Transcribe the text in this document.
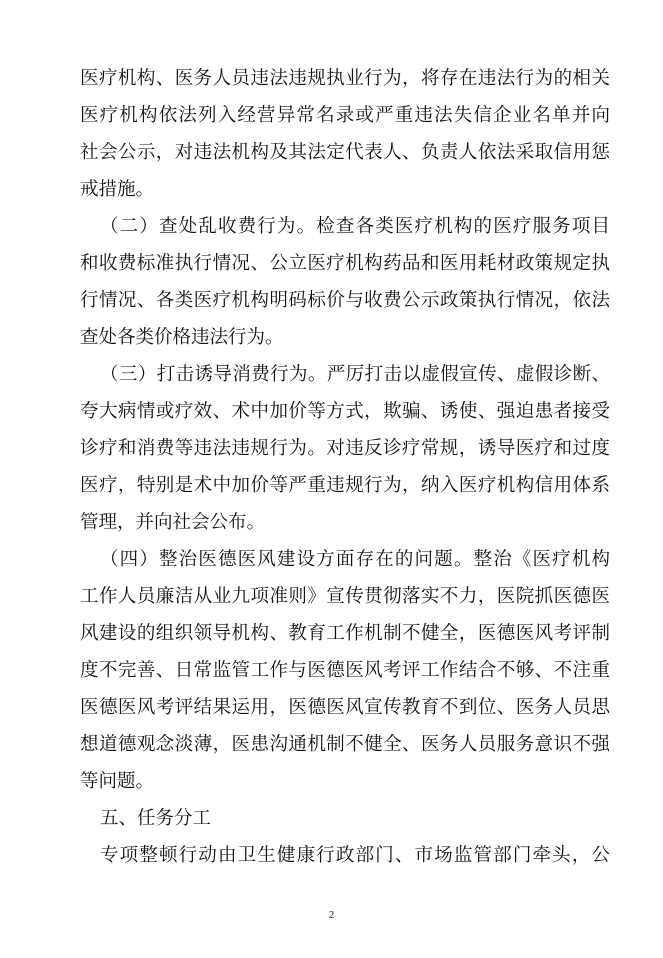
医疗机构、医务人员违法违规执业行为，将存在违法行为的相关
医疗机构依法列入经营异常名录或严重违法失信企业名单并向
社会公示，对违法机构及其法定代表人、负责人依法采取信用惩
戒措施。
（二）查处乱收费行为。检查各类医疗机构的医疗服务项目
和收费标准执行情况、公立医疗机构药品和医用耗材政策规定执
行情况、各类医疗机构明码标价与收费公示政策执行情况，依法
查处各类价格违法行为。
（三）打击诱导消费行为。严厉打击以虚假宣传、虚假诊断、
夸大病情或疗效、术中加价等方式，欺骗、诱使、强迫患者接受
诊疗和消费等违法违规行为。对违反诊疗常规，诱导医疗和过度
医疗，特别是术中加价等严重违规行为，纳入医疗机构信用体系
管理，并向社会公布。
（四）整治医德医风建设方面存在的问题。整治《医疗机构
工作人员廉洁从业九项准则》宣传贯彻落实不力，医院抓医德医
风建设的组织领导机构、教育工作机制不健全，医德医风考评制
度不完善、日常监管工作与医德医风考评工作结合不够、不注重
医德医风考评结果运用，医德医风宣传教育不到位、医务人员思
想道德观念淡薄，医患沟通机制不健全、医务人员服务意识不强
等问题。
五、任务分工
专项整顿行动由卫生健康行政部门、市场监管部门牵头，公
2
